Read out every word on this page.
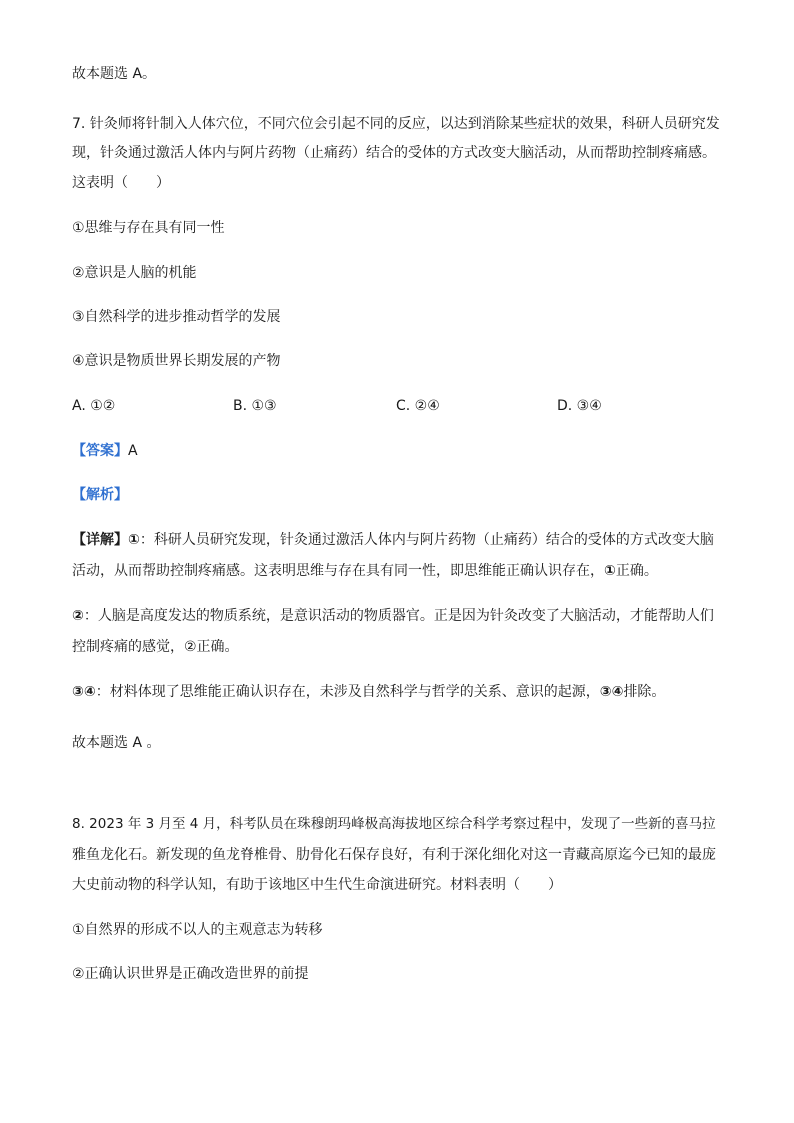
故本题选 A。
7. 针灸师将针制入人体穴位，不同穴位会引起不同的反应，以达到消除某些症状的效果，科研人员研究发
现，针灸通过激活人体内与阿片药物（止痛药）结合的受体的方式改变大脑活动，从而帮助控制疼痛感。
这表明（　　）
①思维与存在具有同一性
②意识是人脑的机能
③自然科学的进步推动哲学的发展
④意识是物质世界长期发展的产物
A. ①②	B. ①③	C. ②④	D. ③④
【答案】A
【解析】
【详解】①：科研人员研究发现，针灸通过激活人体内与阿片药物（止痛药）结合的受体的方式改变大脑
活动，从而帮助控制疼痛感。这表明思维与存在具有同一性，即思维能正确认识存在，①正确。
②：人脑是高度发达的物质系统，是意识活动的物质器官。正是因为针灸改变了大脑活动，才能帮助人们
控制疼痛的感觉，②正确。
③④：材料体现了思维能正确认识存在，未涉及自然科学与哲学的关系、意识的起源，③④排除。
故本题选 A 。
8. 2023 年 3 月至 4 月，科考队员在珠穆朗玛峰极高海拔地区综合科学考察过程中，发现了一些新的喜马拉
雅鱼龙化石。新发现的鱼龙脊椎骨、肋骨化石保存良好，有利于深化细化对这一青藏高原迄今已知的最庞
大史前动物的科学认知，有助于该地区中生代生命演进研究。材料表明（　　）
①自然界的形成不以人的主观意志为转移
②正确认识世界是正确改造世界的前提
